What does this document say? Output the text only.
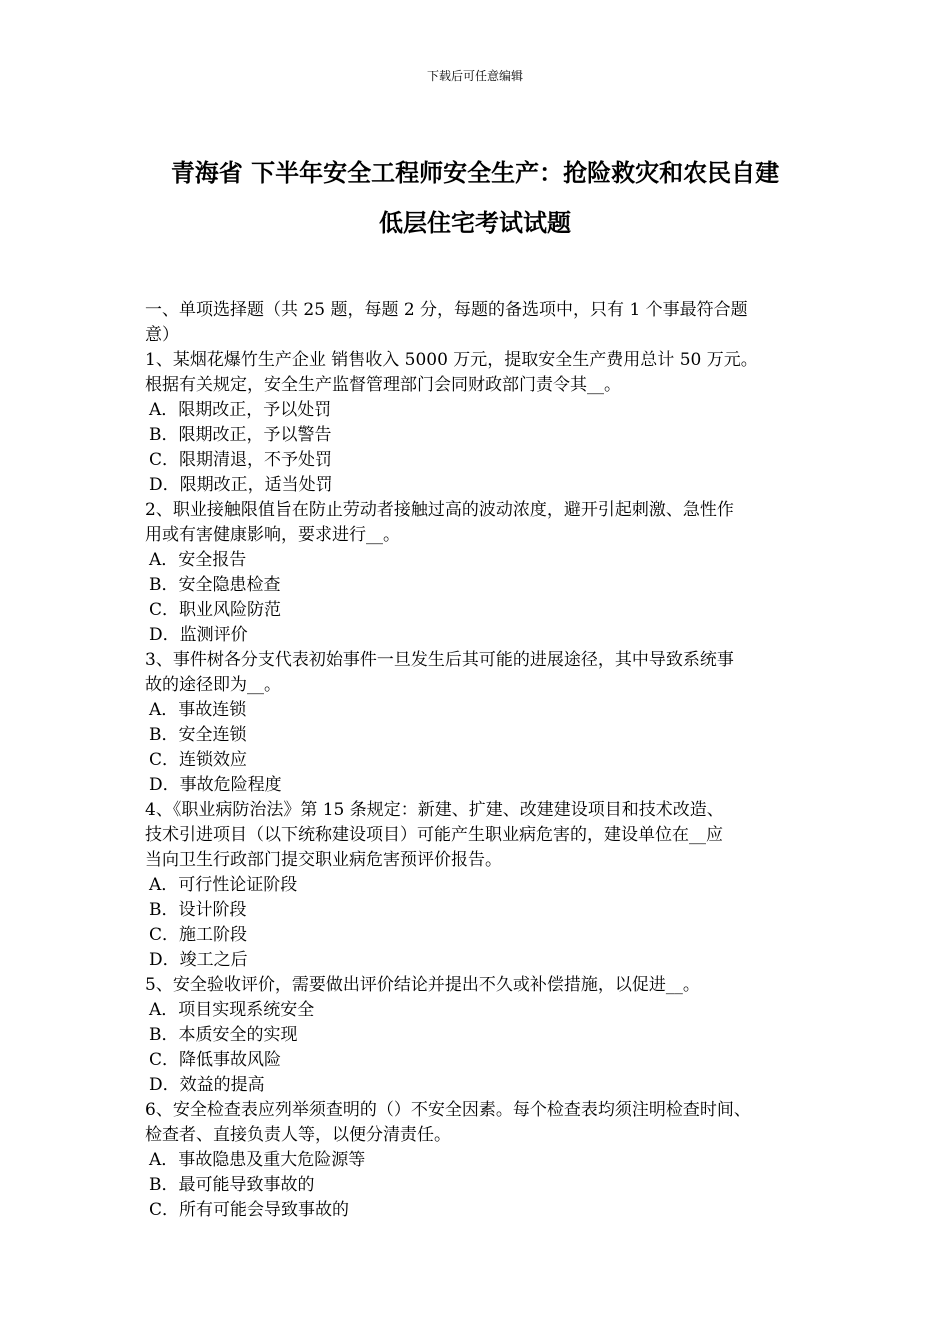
下载后可任意编辑
青海省 下半年安全工程师安全生产：抢险救灾和农民自建
低层住宅考试试题

一、单项选择题（共 25 题，每题 2 分，每题的备选项中，只有 1 个事最符合题

意）

1、某烟花爆竹生产企业 销售收入 5000 万元，提取安全生产费用总计 50 万元。

根据有关规定，安全生产监督管理部门会同财政部门责令其__。

A．限期改正，予以处罚

B．限期改正，予以警告

C．限期清退，不予处罚

D．限期改正，适当处罚

2、职业接触限值旨在防止劳动者接触过高的波动浓度，避开引起刺激、急性作

用或有害健康影响，要求进行__。

A．安全报告

B．安全隐患检查

C．职业风险防范

D．监测评价

3、事件树各分支代表初始事件一旦发生后其可能的进展途径，其中导致系统事

故的途径即为__。

A．事故连锁

B．安全连锁

C．连锁效应

D．事故危险程度

4、《职业病防治法》第 15 条规定：新建、扩建、改建建设项目和技术改造、

技术引进项目（以下统称建设项目）可能产生职业病危害的，建设单位在__应

当向卫生行政部门提交职业病危害预评价报告。

A．可行性论证阶段

B．设计阶段

C．施工阶段

D．竣工之后

5、安全验收评价，需要做出评价结论并提出不久或补偿措施，以促进__。

A．项目实现系统安全

B．本质安全的实现

C．降低事故风险

D．效益的提高

6、安全检查表应列举须查明的（）不安全因素。每个检查表均须注明检查时间、

检查者、直接负责人等，以便分清责任。

A．事故隐患及重大危险源等

B．最可能导致事故的

C．所有可能会导致事故的
